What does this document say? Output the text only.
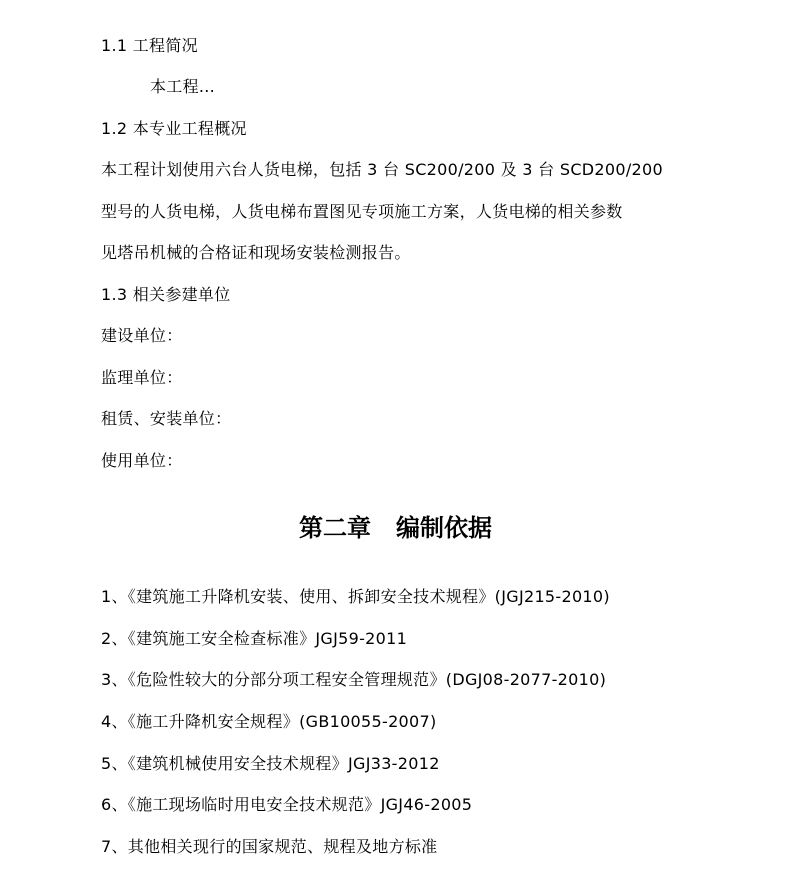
1.1 工程简况
本工程...
1.2 本专业工程概况
本工程计划使用六台人货电梯，包括 3 台 SC200/200 及 3 台 SCD200/200
型号的人货电梯，人货电梯布置图见专项施工方案，人货电梯的相关参数
见塔吊机械的合格证和现场安装检测报告。
1.3 相关参建单位
建设单位：
监理单位：
租赁、安装单位：
使用单位：
第二章   编制依据
1、《建筑施工升降机安装、使用、拆卸安全技术规程》(JGJ215-2010)
2、《建筑施工安全检查标准》JGJ59-2011
3、《危险性较大的分部分项工程安全管理规范》(DGJ08-2077-2010)
4、《施工升降机安全规程》(GB10055-2007)
5、《建筑机械使用安全技术规程》JGJ33-2012
6、《施工现场临时用电安全技术规范》JGJ46-2005
7、其他相关现行的国家规范、规程及地方标准
